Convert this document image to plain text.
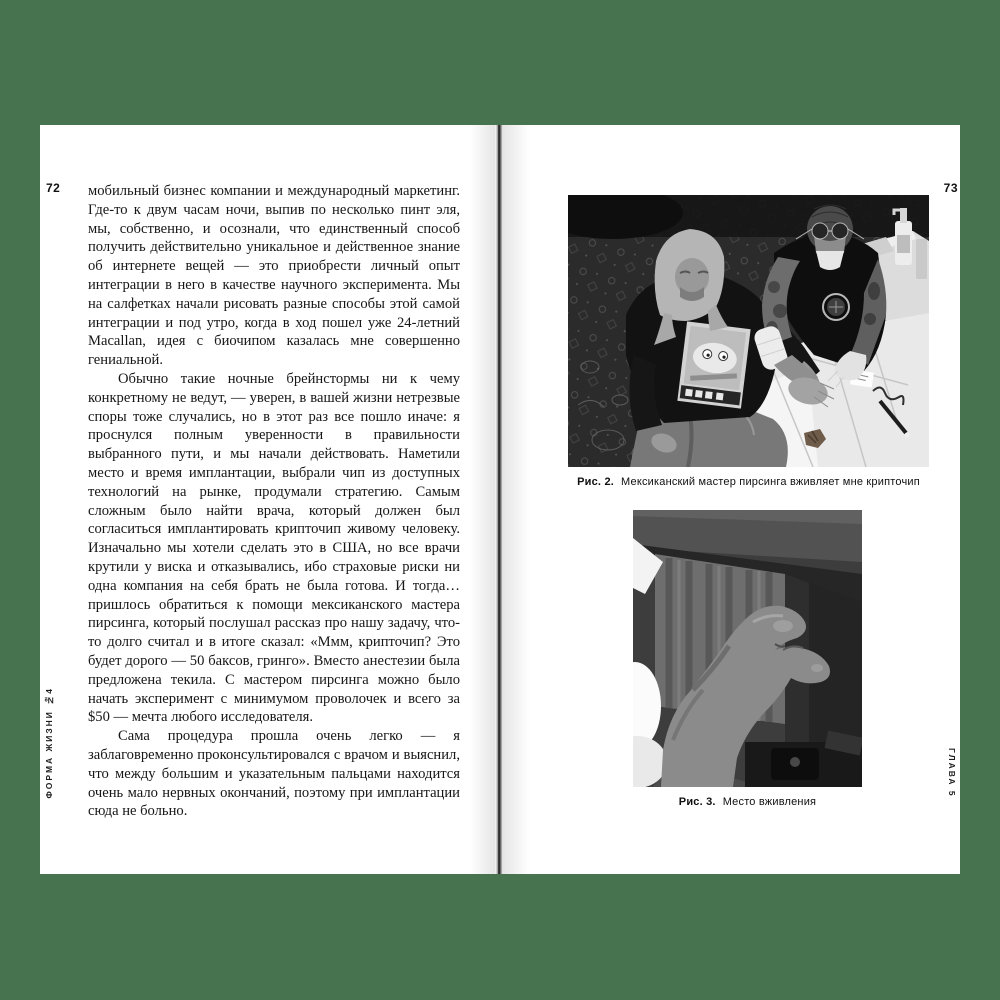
72 мобильный бизнес компании и международный маркетинг. Где-то к двум часам ночи, выпив по несколько пинт эля, мы, собственно, и осознали, что единственный способ получить действительно уникальное и действенное знание об интернете вещей — это приобрести личный опыт интеграции в него в качестве научного эксперимента. Мы на салфетках начали рисовать разные способы этой самой интеграции и под утро, когда в ход пошел уже 24-летний Macallan, идея с биочипом казалась мне совершенно гениальной.

Обычно такие ночные брейнстормы ни к чему конкретному не ведут, — уверен, в вашей жизни нетрезвые споры тоже случались, но в этот раз все пошло иначе: я проснулся полным уверенности в правильности выбранного пути, и мы начали действовать. Наметили место и время имплантации, выбрали чип из доступных технологий на рынке, продумали стратегию. Самым сложным было найти врача, который должен был согласиться имплантировать крипточип живому человеку. Изначально мы хотели сделать это в США, но все врачи крутили у виска и отказывались, ибо страховые риски ни одна компания на себя брать не была готова. И тогда… пришлось обратиться к помощи мексиканского мастера пирсинга, который послушал рассказ про нашу задачу, что-то долго считал и в итоге сказал: «Ммм, крипточип? Это будет дорого — 50 баксов, гринго». Вместо анестезии была предложена текила. С мастером пирсинга можно было начать эксперимент с минимумом проволочек и всего за $50 — мечта любого исследователя.

Сама процедура прошла очень легко — я заблаговременно проконсультировался с врачом и выяснил, что между большим и указательным пальцами находится очень мало нервных окончаний, поэтому при имплантации сюда не больно.

ФОРМА ЖИЗНИ №4
73
Рис. 2. Мексиканский мастер пирсинга вживляет мне крипточип
Рис. 3. Место вживления
ГЛАВА 5
